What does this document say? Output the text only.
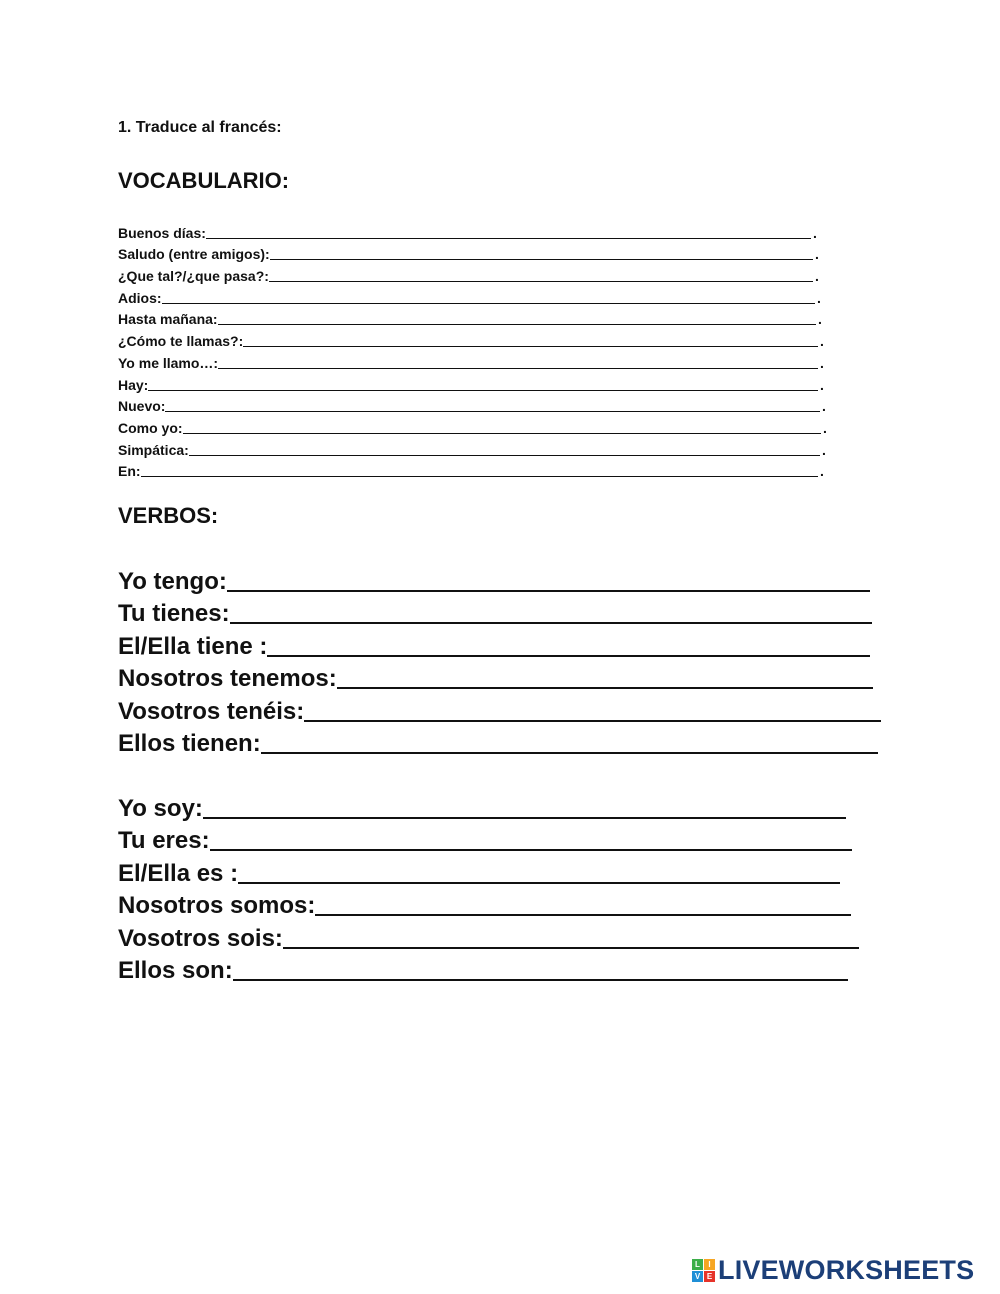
1. Traduce al francés:
VOCABULARIO:
Buenos días:	.
Saludo (entre amigos):	.
¿Que tal?/¿que pasa?:	.
Adios:	.
Hasta mañana:	.
¿Cómo te llamas?:	.
Yo me llamo…:	.
Hay:	.
Nuevo:	.
Como yo:	.
Simpática:	.
En:	.
VERBOS:
Yo tengo:
Tu tienes:
El/Ella tiene :
Nosotros tenemos:
Vosotros tenéis:
Ellos tienen:
Yo soy:
Tu eres:
El/Ella es :
Nosotros somos:
Vosotros sois:
Ellos son:
L	I
V E LIVEWORKSHEETS
